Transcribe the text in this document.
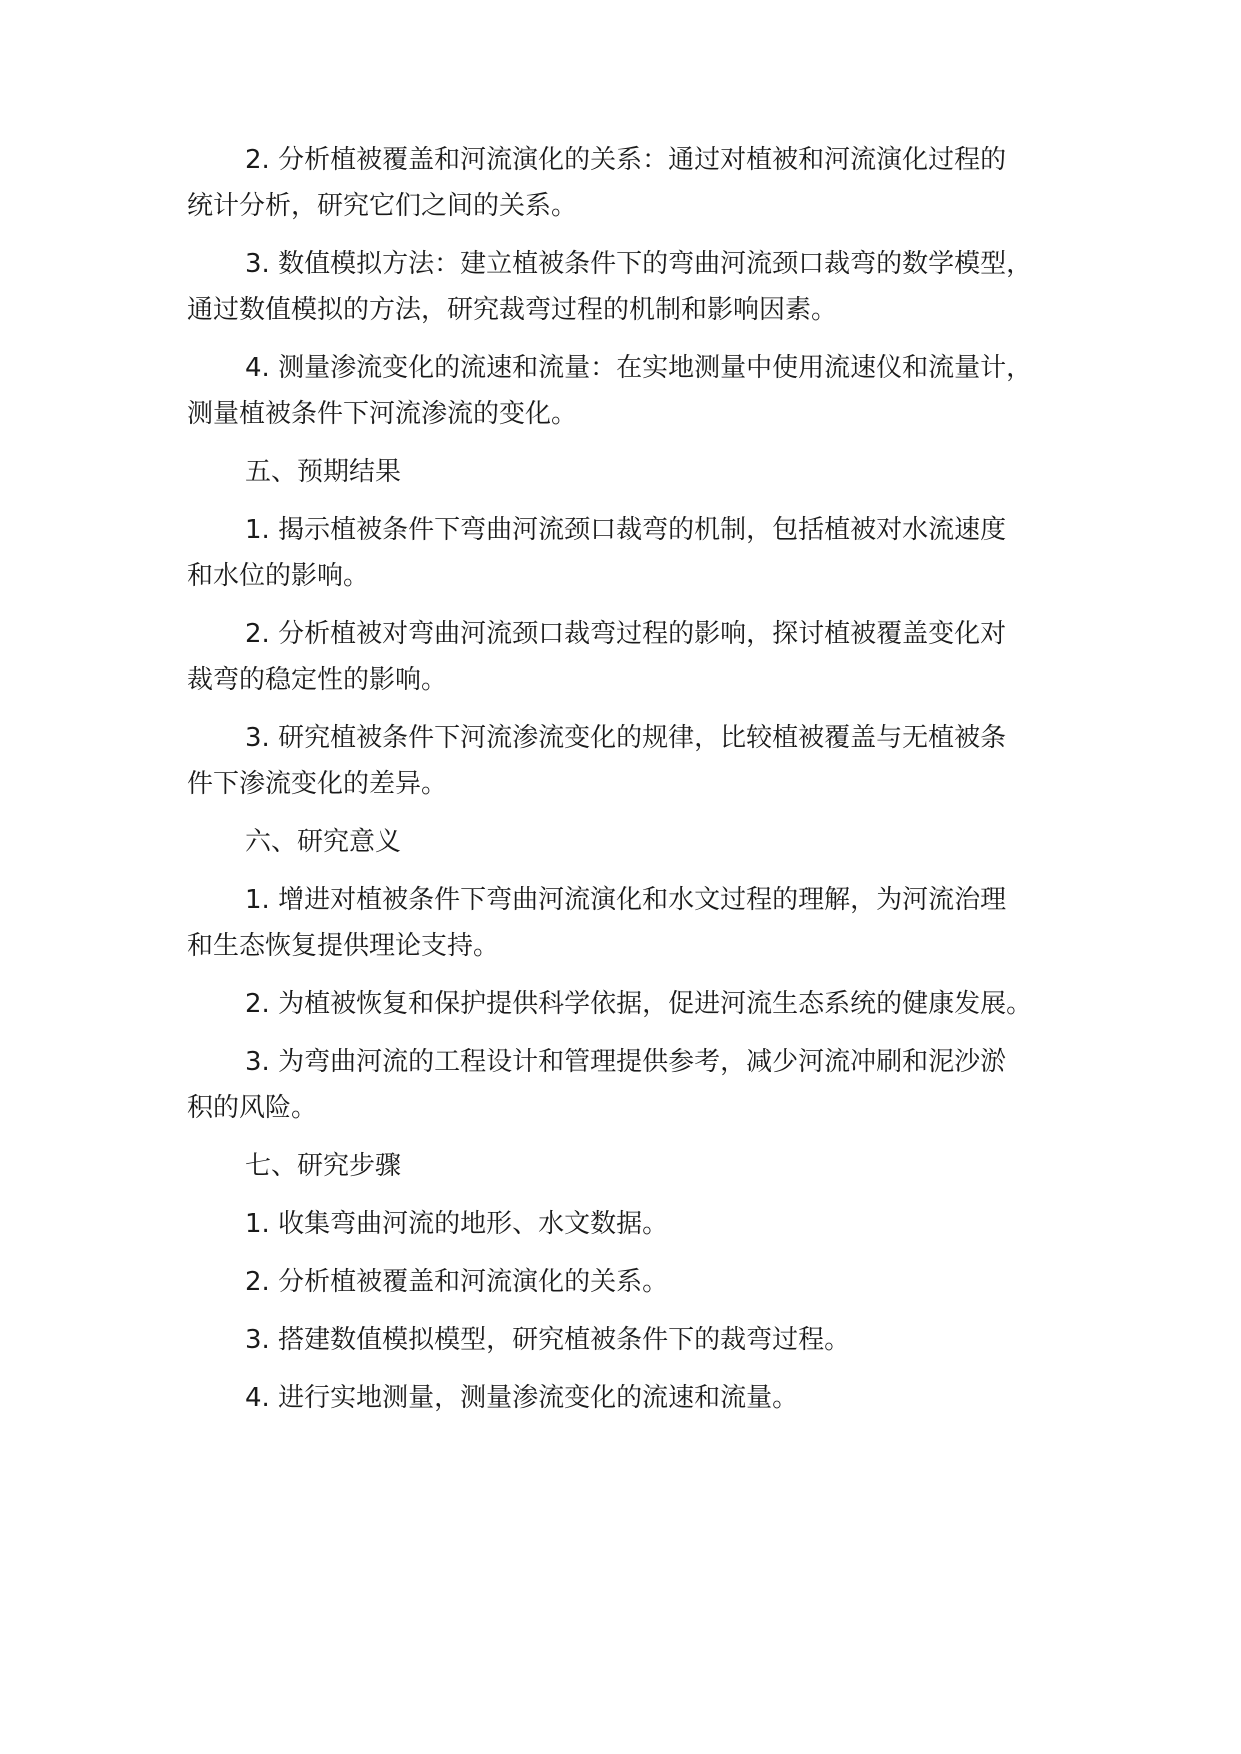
2. 分析植被覆盖和河流演化的关系：通过对植被和河流演化过程的
统计分析，研究它们之间的关系。
3. 数值模拟方法：建立植被条件下的弯曲河流颈口裁弯的数学模型，
通过数值模拟的方法，研究裁弯过程的机制和影响因素。
4. 测量渗流变化的流速和流量：在实地测量中使用流速仪和流量计，
测量植被条件下河流渗流的变化。
五、预期结果
1. 揭示植被条件下弯曲河流颈口裁弯的机制，包括植被对水流速度
和水位的影响。
2. 分析植被对弯曲河流颈口裁弯过程的影响，探讨植被覆盖变化对
裁弯的稳定性的影响。
3. 研究植被条件下河流渗流变化的规律，比较植被覆盖与无植被条
件下渗流变化的差异。
六、研究意义
1. 增进对植被条件下弯曲河流演化和水文过程的理解，为河流治理
和生态恢复提供理论支持。
2. 为植被恢复和保护提供科学依据，促进河流生态系统的健康发展。
3. 为弯曲河流的工程设计和管理提供参考，减少河流冲刷和泥沙淤
积的风险。
七、研究步骤
1. 收集弯曲河流的地形、水文数据。
2. 分析植被覆盖和河流演化的关系。
3. 搭建数值模拟模型，研究植被条件下的裁弯过程。
4. 进行实地测量，测量渗流变化的流速和流量。
